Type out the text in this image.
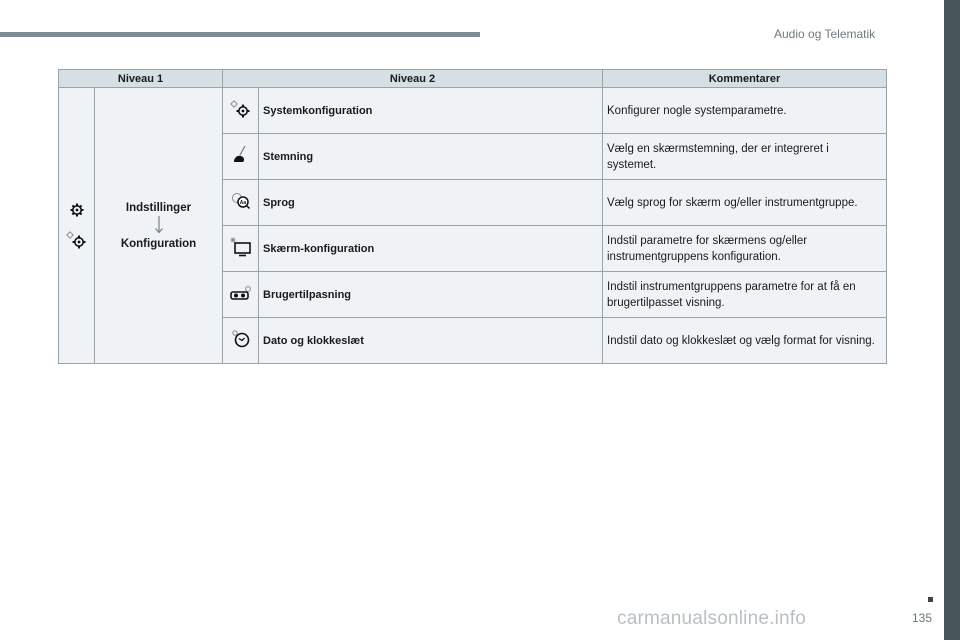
Audio og Telematik
Niveau 1		Niveau 2		Kommentarer

Indstillinger
Konfiguration		Systemkonfiguration	Konfigurer nogle systemparametre.

	Stemning	Vælg en skærmstemning, der er integreret i systemet.

Aa	Sprog	Vælg sprog for skærm og/eller instrumentgruppe.

	Skærm-konfiguration	Indstil parametre for skærmens og/eller instrumentgruppens konfiguration.

	Brugertilpasning	Indstil instrumentgruppens parametre for at få en brugertilpasset visning.

	Dato og klokkeslæt	Indstil dato og klokkeslæt og vælg format for visning.
135
carmanualsonline.info
